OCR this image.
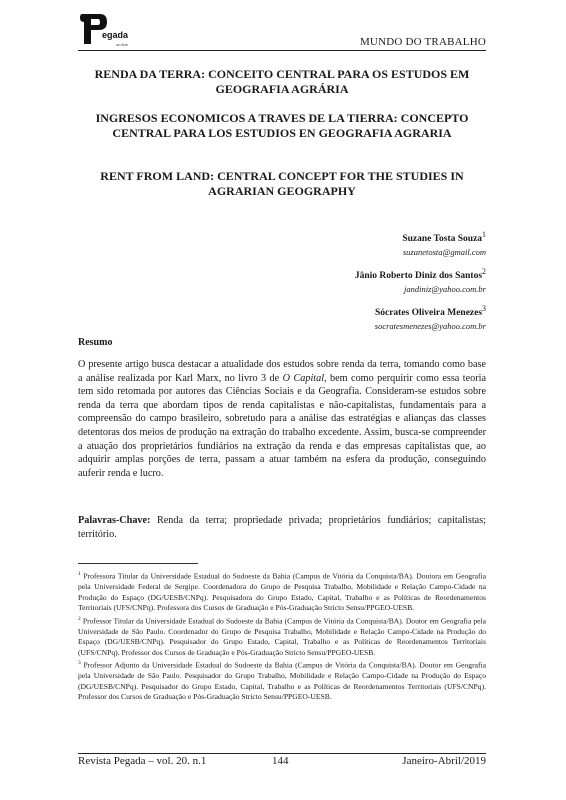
egada
on line	MUNDO DO TRABALHO
RENDA DA TERRA: CONCEITO CENTRAL PARA OS ESTUDOS EM GEOGRAFIA AGRÁRIA
INGRESOS ECONOMICOS A TRAVES DE LA TIERRA: CONCEPTO CENTRAL PARA LOS ESTUDIOS EN GEOGRAFIA AGRARIA
RENT FROM LAND: CENTRAL CONCEPT FOR THE STUDIES IN AGRARIAN GEOGRAPHY
Suzane Tosta Souza$^1$
suzanetosta@gmail.com
Jânio Roberto Diniz dos Santos$^2$
jandiniz@yahoo.com.br
Sócrates Oliveira Menezes$^3$
socratesmenezes@yahoo.com.br
Resumo

O presente artigo busca destacar a atualidade dos estudos sobre renda da terra, tomando como base a análise realizada por Karl Marx, no livro 3 de O Capital, bem como perquirir como essa teoria tem sido retomada por autores das Ciências Sociais e da Geografia. Consideram-se estudos sobre renda da terra que abordam tipos de renda capitalistas e não-capitalistas, fundamentais para a compreensão do campo brasileiro, sobretudo para a análise das estratégias e alianças das classes detentoras dos meios de produção na extração do trabalho excedente. Assim, busca-se compreender a atuação dos proprietários fundiários na extração da renda e das empresas capitalistas que, ao adquirir amplas porções de terra, passam a atuar também na esfera da produção, conseguindo auferir renda e lucro.

Palavras-Chave: Renda da terra; propriedade privada; proprietários fundiários; capitalistas; território.

$^1$ Professora Titular da Universidade Estadual do Sudoeste da Bahia (Campus de Vitória da Conquista/BA). Doutora em Geografia pela Universidade Federal de Sergipe. Coordenadora do Grupo de Pesquisa Trabalho, Mobilidade e Relação Campo-Cidade na Produção do Espaço (DG/UESB/CNPq). Pesquisadora do Grupo Estado, Capital, Trabalho e as Políticas de Reordenamentos Territoriais (UFS/CNPq). Professora dos Cursos de Graduação e Pós-Graduação Stricto Sensu/PPGEO-UESB.

$^2$ Professor Titular da Universidade Estadual do Sudoeste da Bahia (Campus de Vitória da Conquista/BA). Doutor em Geografia pela Universidade de São Paulo. Coordenador do Grupo de Pesquisa Trabalho, Mobilidade e Relação Campo-Cidade na Produção do Espaço (DG/UESB/CNPq). Pesquisador do Grupo Estado, Capital, Trabalho e as Políticas de Reordenamentos Territoriais (UFS/CNPq). Professor dos Cursos de Graduação e Pós-Graduação Stricto Sensu/PPGEO-UESB.

$^3$ Professor Adjunto da Universidade Estadual do Sudoeste da Bahia (Campus de Vitória da Conquista/BA). Doutor em Geografia pela Universidade de São Paulo. Pesquisador do Grupo Trabalho, Mobilidade e Relação Campo-Cidade na Produção do Espaço (DG/UESB/CNPq). Pesquisador do Grupo Estado, Capital, Trabalho e as Políticas de Reordenamentos Territoriais (UFS/CNPq). Professor dos Cursos de Graduação e Pós-Graduação Stricto Sensu/PPGEO-UESB.

Revista Pegada – vol. 20. n.1	144	Janeiro-Abril/2019
